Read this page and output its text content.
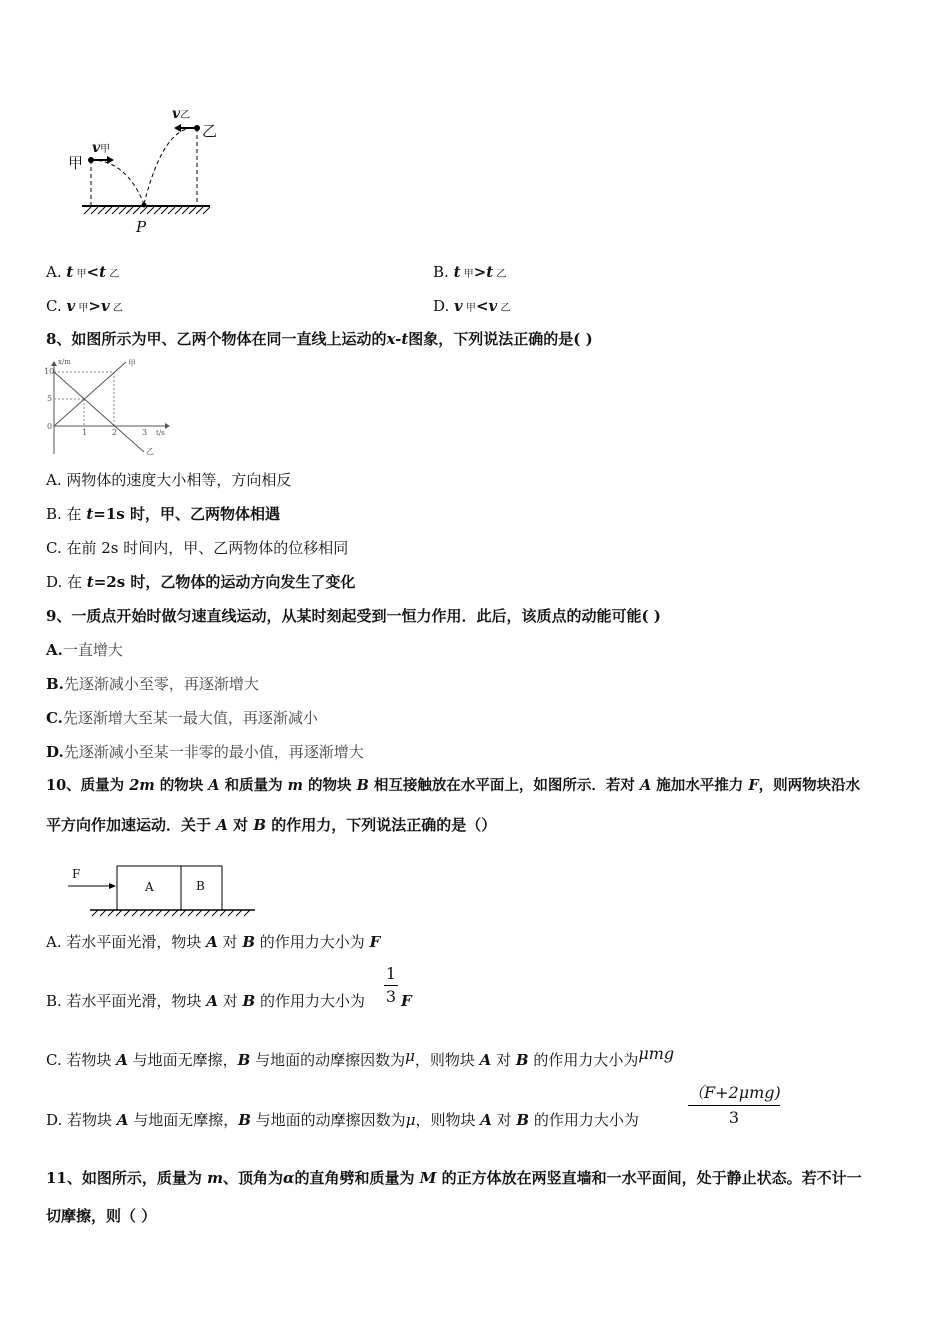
甲
乙
v甲
v乙
P
A. t 甲<t 乙	B. t 甲>t 乙
C. v 甲>v 乙	D. v 甲<v 乙
8、如图所示为甲、乙两个物体在同一直线上运动的x-t图象，下列说法正确的是( )
x/m
t/s
10
5
0
1	2	3
甲
乙
A. 两物体的速度大小相等，方向相反
B. 在 t=1s 时，甲、乙两物体相遇
C. 在前 2s 时间内，甲、乙两物体的位移相同
D. 在 t=2s 时，乙物体的运动方向发生了变化
9、一质点开始时做匀速直线运动，从某时刻起受到一恒力作用．此后，该质点的动能可能( )
A.一直增大
B.先逐渐减小至零，再逐渐增大
C.先逐渐增大至某一最大值，再逐渐减小
D.先逐渐减小至某一非零的最小值，再逐渐增大
10、质量为 2m 的物块 A 和质量为 m 的物块 B 相互接触放在水平面上，如图所示．若对 A 施加水平推力 F，则两物块沿水
平方向作加速运动．关于 A 对 B 的作用力，下列说法正确的是（）
F
A	B
A. 若水平面光滑，物块 A 对 B 的作用力大小为 F
B. 若水平面光滑，物块 A 对 B 的作用力大小为
1
3 F
C. 若物块 A 与地面无摩擦，B 与地面的动摩擦因数为μ，则物块 A 对 B 的作用力大小为μmg
D. 若物块 A 与地面无摩擦，B 与地面的动摩擦因数为μ，则物块 A 对 B 的作用力大小为
（F+2μmg)
3
11、如图所示，质量为 m、顶角为α的直角劈和质量为 M 的正方体放在两竖直墙和一水平面间，处于静止状态。若不计一
切摩擦，则（ ）
